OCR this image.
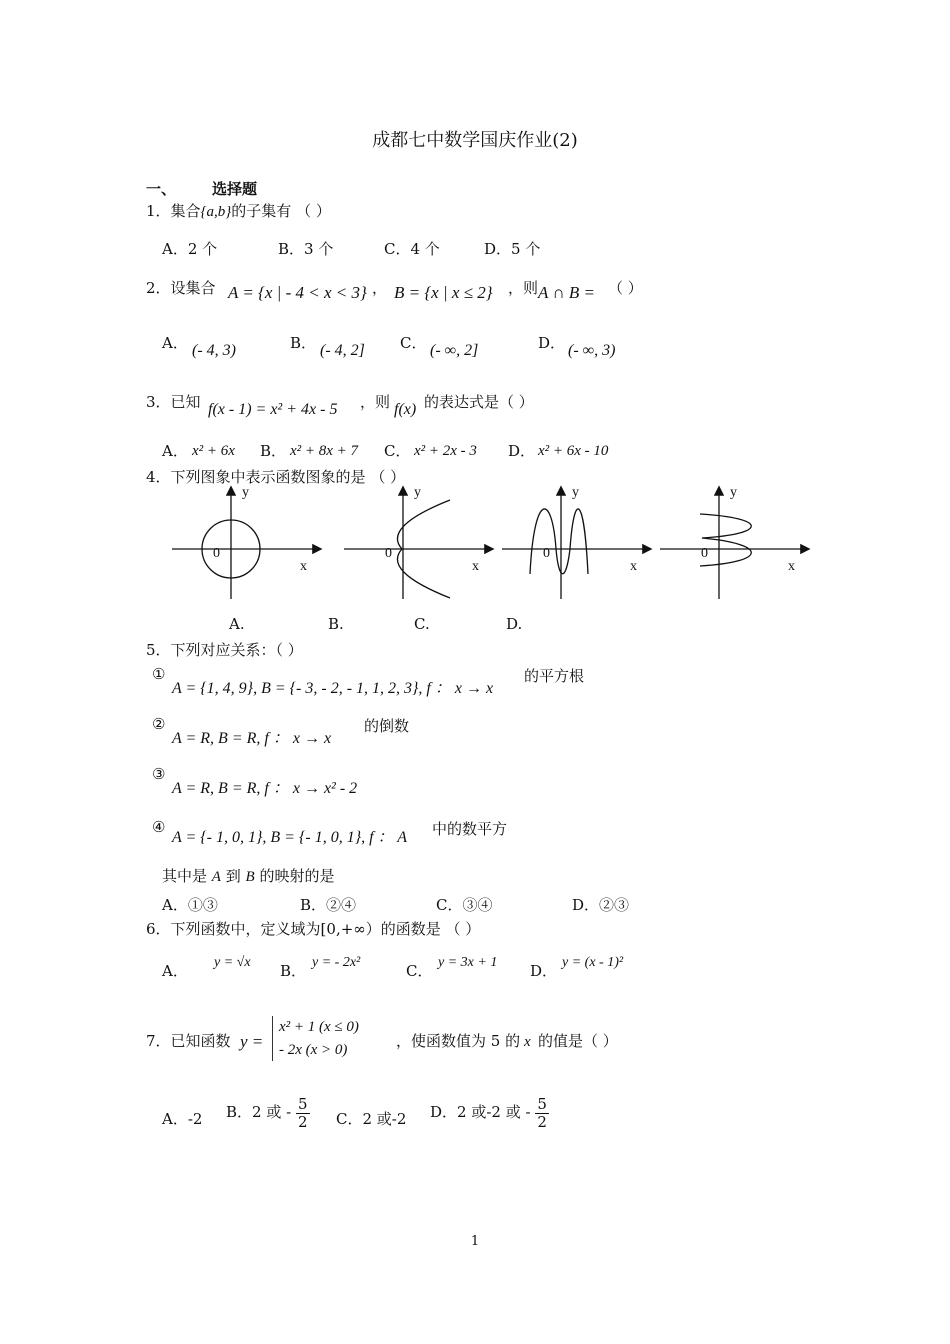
成都七中数学国庆作业(2)
一、 选择题
1．集合{a,b}的子集有 （ ）
A．2 个	B．3 个	C．4 个	D．5 个
2．设集合 A = {x | - 4 < x < 3} ， B = {x | x ≤ 2} ，则 A ∩ B = （ ）
A． (- 4, 3)	B． (- 4, 2] C． (- ∞, 2]	D． (- ∞, 3)
3．已知 f(x - 1) = x² + 4x - 5 ，则 f(x) 的表达式是（ ）
A． x² + 6x B． x² + 8x + 7 C． x² + 2x - 3 D． x² + 6x - 10
4．下列图象中表示函数图象的是 （ ）
y
x
0
y
x
0
y
x
0
y
x
0
A.	B.	C.	D.
5．下列对应关系：（ ）
①
A = {1, 4, 9}, B = {- 3, - 2, - 1, 1, 2, 3}, f ： x → x
的平方根
②
A = R, B = R, f ： x → x
的倒数
③
A = R, B = R, f ： x → x² - 2
④
A = {- 1, 0, 1}, B = {- 1, 0, 1}, f ： A 中的数平方
其中是 A 到 B 的映射的是
A．①③	B．②④	C．③④	D．②③
6．下列函数中，定义域为[0,+∞）的函数是 （ ）
A． y = √x B． y = - 2x²	C． y = 3x + 1 D． y = (x - 1)²
7．已知函数 y =
x² + 1 (x ≤ 0)
- 2x (x > 0)	，使函数值为 5 的 x 的值是（ ）
A．-2 B．2 或 - $\frac{5}{2}$ C．2 或-2 D．2 或-2 或 - $\frac{5}{2}$
1
